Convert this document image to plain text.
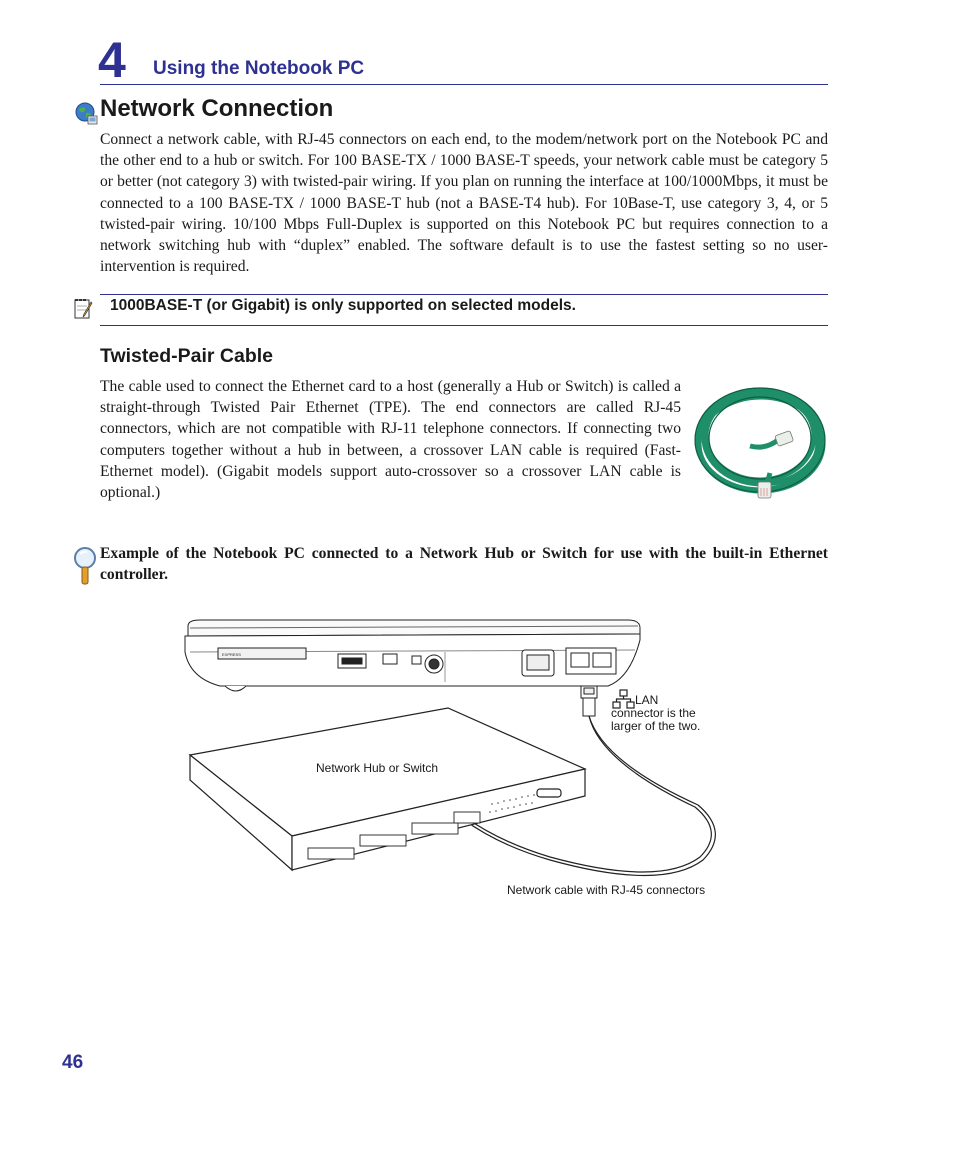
4 Using the Notebook PC
Network Connection
Connect a network cable, with RJ-45 connectors on each end, to the modem/network port on the Notebook PC and the other end to a hub or switch. For 100 BASE-TX / 1000 BASE-T speeds, your network cable must be category 5 or better (not category 3) with twisted-pair wiring. If you plan on running the interface at 100/1000Mbps, it must be connected to a 100 BASE-TX / 1000 BASE-T hub (not a BASE-T4 hub). For 10Base-T, use category 3, 4, or 5 twisted-pair wiring. 10/100 Mbps Full-Duplex is supported on this Notebook PC but requires connection to a network switching hub with “duplex” enabled. The software default is to use the fastest setting so no user-intervention is required.
1000BASE-T (or Gigabit) is only supported on selected models.
Twisted-Pair Cable
The cable used to connect the Ethernet card to a host (generally a Hub or Switch) is called a straight-through Twisted Pair Ethernet (TPE). The end connectors are called RJ-45 connectors, which are not compatible with RJ-11 telephone connectors. If connecting two computers together without a hub in between, a crossover LAN cable is required (Fast-Ethernet model). (Gigabit models support auto-crossover so a crossover LAN cable is optional.)
Example of the Notebook PC connected to a Network Hub or Switch for use with the built-in Ethernet controller.
EXPRESS
Network Hub or Switch
LAN
connector is the
larger of the two.
Network cable with RJ-45 connectors
46
